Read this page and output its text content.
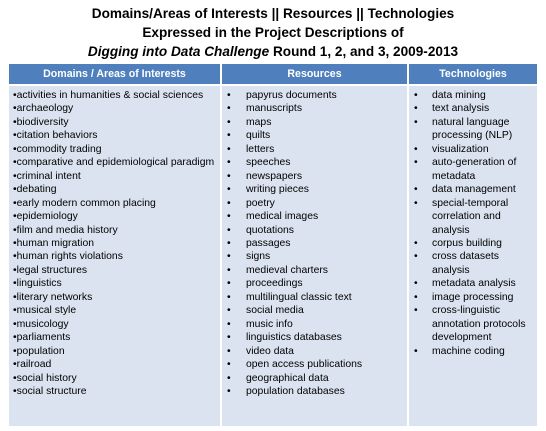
Domains/Areas of Interests || Resources || Technologies
Expressed in the Project Descriptions of
Digging into Data Challenge Round 1, 2, and 3, 2009-2013
Domains / Areas of Interests	Resources	Technologies
•activities in humanities & social sciences
•archaeology
•biodiversity
•citation behaviors
•commodity trading
•comparative and epidemiological paradigm
•criminal intent
•debating
•early modern common placing
•epidemiology
•film and media history
•human migration
•human rights violations
•legal structures
•linguistics
•literary networks
•musical style
•musicology
•parliaments
•population
•railroad
•social history
•social structure
• papyrus documents
• manuscripts
• maps
• quilts
• letters
• speeches
• newspapers
• writing pieces
• poetry
• medical images
• quotations
• passages
• signs
• medieval charters
• proceedings
• multilingual classic text
• social media
• music info
• linguistics databases
• video data
• open access publications
• geographical data
• population databases
• data mining
• text analysis
• natural language processing (NLP)
• visualization
• auto-generation of metadata
• data management
• special-temporal correlation and analysis
• corpus building
• cross datasets analysis
• metadata analysis
• image processing
• cross-linguistic annotation protocols development
• machine coding
